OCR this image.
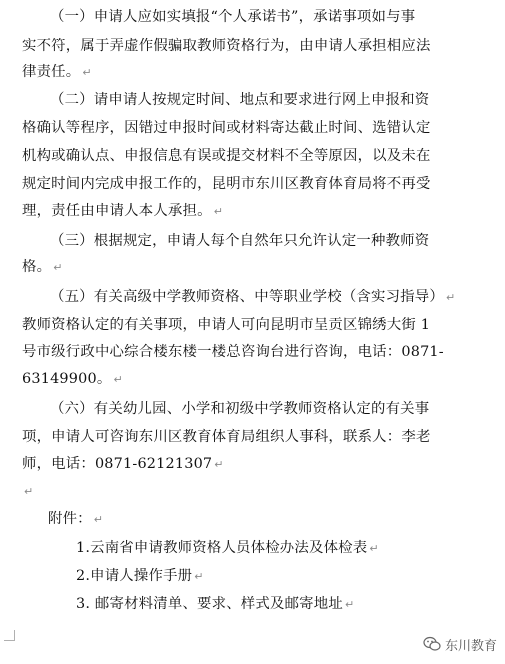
（一）申请人应如实填报“个人承诺书”，承诺事项如与事
实不符，属于弄虚作假骗取教师资格行为，由申请人承担相应法
律责任。 ↵
（二）请申请人按规定时间、地点和要求进行网上申报和资
格确认等程序，因错过申报时间或材料寄达截止时间、选错认定
机构或确认点、申报信息有误或提交材料不全等原因，以及未在
规定时间内完成申报工作的，昆明市东川区教育体育局将不再受
理，责任由申请人本人承担。 ↵
（三）根据规定，申请人每个自然年只允许认定一种教师资
格。 ↵
（五）有关高级中学教师资格、中等职业学校（含实习指导） ↵
教师资格认定的有关事项，申请人可向昆明市呈贡区锦绣大街 1
号市级行政中心综合楼东楼一楼总咨询台进行咨询，电话：0871-
63149900。 ↵
（六）有关幼儿园、小学和初级中学教师资格认定的有关事
项，申请人可咨询东川区教育体育局组织人事科，联系人：李老
师，电话：0871-62121307 ↵
↵
附件： ↵
1.云南省申请教师资格人员体检办法及体检表 ↵
2.申请人操作手册 ↵
3. 邮寄材料清单、要求、样式及邮寄地址 ↵
东川教育
